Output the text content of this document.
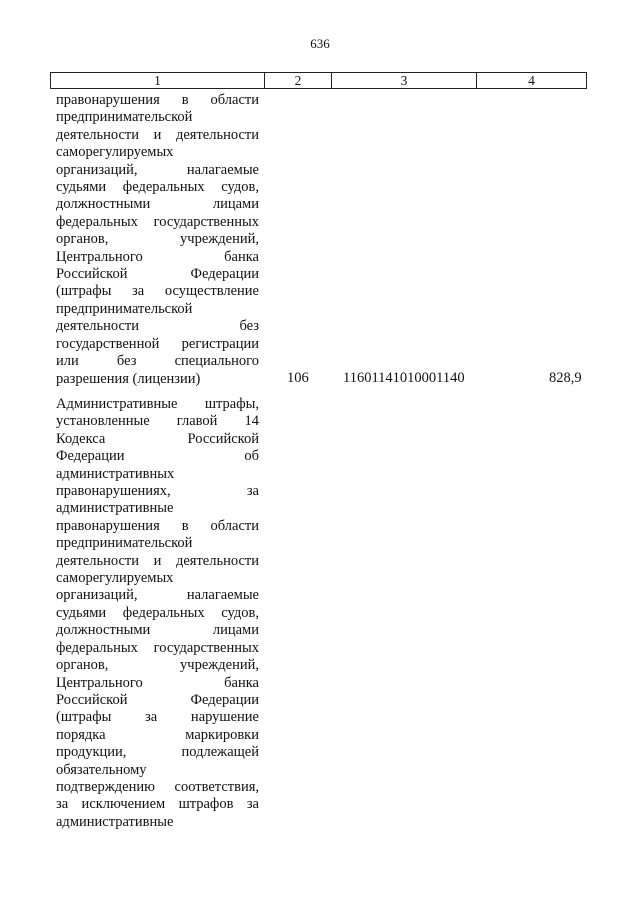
636
1	2	3	4
правонарушения в области
предпринимательской
деятельности и деятельности
саморегулируемых
организаций, налагаемые
судьями федеральных судов,
должностными лицами
федеральных государственных
органов, учреждений,
Центрального банка
Российской Федерации
(штрафы за осуществление
предпринимательской
деятельности без
государственной регистрации
или без специального
разрешения (лицензии)	106 11601141010001140	828,9
Административные штрафы,
установленные главой 14
Кодекса Российской
Федерации об
административных
правонарушениях, за
административные
правонарушения в области
предпринимательской
деятельности и деятельности
саморегулируемых
организаций, налагаемые
судьями федеральных судов,
должностными лицами
федеральных государственных
органов, учреждений,
Центрального банка
Российской Федерации
(штрафы за нарушение
порядка маркировки
продукции, подлежащей
обязательному
подтверждению соответствия,
за исключением штрафов за
административные
